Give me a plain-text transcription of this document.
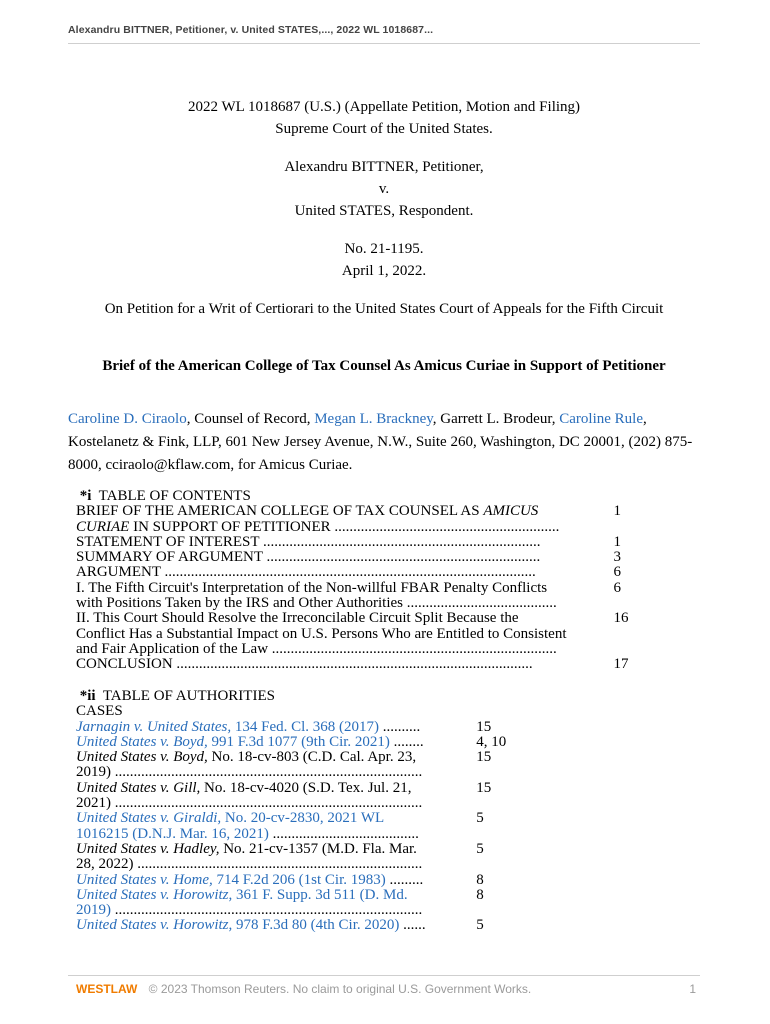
Alexandru BITTNER, Petitioner, v. United STATES,..., 2022 WL 1018687...
2022 WL 1018687 (U.S.) (Appellate Petition, Motion and Filing)
Supreme Court of the United States.
Alexandru BITTNER, Petitioner,
v.
United STATES, Respondent.
No. 21-1195.
April 1, 2022.
On Petition for a Writ of Certiorari to the United States Court of Appeals for the Fifth Circuit
Brief of the American College of Tax Counsel As Amicus Curiae in Support of Petitioner
Caroline D. Ciraolo, Counsel of Record, Megan L. Brackney, Garrett L. Brodeur, Caroline Rule, Kostelanetz & Fink, LLP, 601 New Jersey Avenue, N.W., Suite 260, Washington, DC 20001, (202) 875-8000, cciraolo@kflaw.com, for Amicus Curiae.
*i TABLE OF CONTENTS
BRIEF OF THE AMERICAN COLLEGE OF TAX COUNSEL AS AMICUS
CURIAE IN SUPPORT OF PETITIONER ............................................................
1
STATEMENT OF INTEREST ..........................................................................	1
SUMMARY OF ARGUMENT .........................................................................	3
ARGUMENT ...................................................................................................	6
I. The Fifth Circuit's Interpretation of the Non-willful FBAR Penalty Conflicts
with Positions Taken by the IRS and Other Authorities ........................................
6
II. This Court Should Resolve the Irreconcilable Circuit Split Because the
Conflict Has a Substantial Impact on U.S. Persons Who are Entitled to Consistent
and Fair Application of the Law ............................................................................
16
CONCLUSION ...............................................................................................	17
*ii TABLE OF AUTHORITIES
CASES
Jarnagin v. United States, 134 Fed. Cl. 368 (2017) ..........	15
United States v. Boyd, 991 F.3d 1077 (9th Cir. 2021) ........	4, 10
United States v. Boyd, No. 18-cv-803 (C.D. Cal. Apr. 23,
2019) ..................................................................................
15
United States v. Gill, No. 18-cv-4020 (S.D. Tex. Jul. 21,
2021) ..................................................................................
15
United States v. Giraldi, No. 20-cv-2830, 2021 WL
1016215 (D.N.J. Mar. 16, 2021) .......................................
5
United States v. Hadley, No. 21-cv-1357 (M.D. Fla. Mar.
28, 2022) ............................................................................
5
United States v. Home, 714 F.2d 206 (1st Cir. 1983) .........	8
United States v. Horowitz, 361 F. Supp. 3d 511 (D. Md.
2019) ..................................................................................
8
United States v. Horowitz, 978 F.3d 80 (4th Cir. 2020) ......	5
WESTLAW © 2023 Thomson Reuters. No claim to original U.S. Government Works.	1
